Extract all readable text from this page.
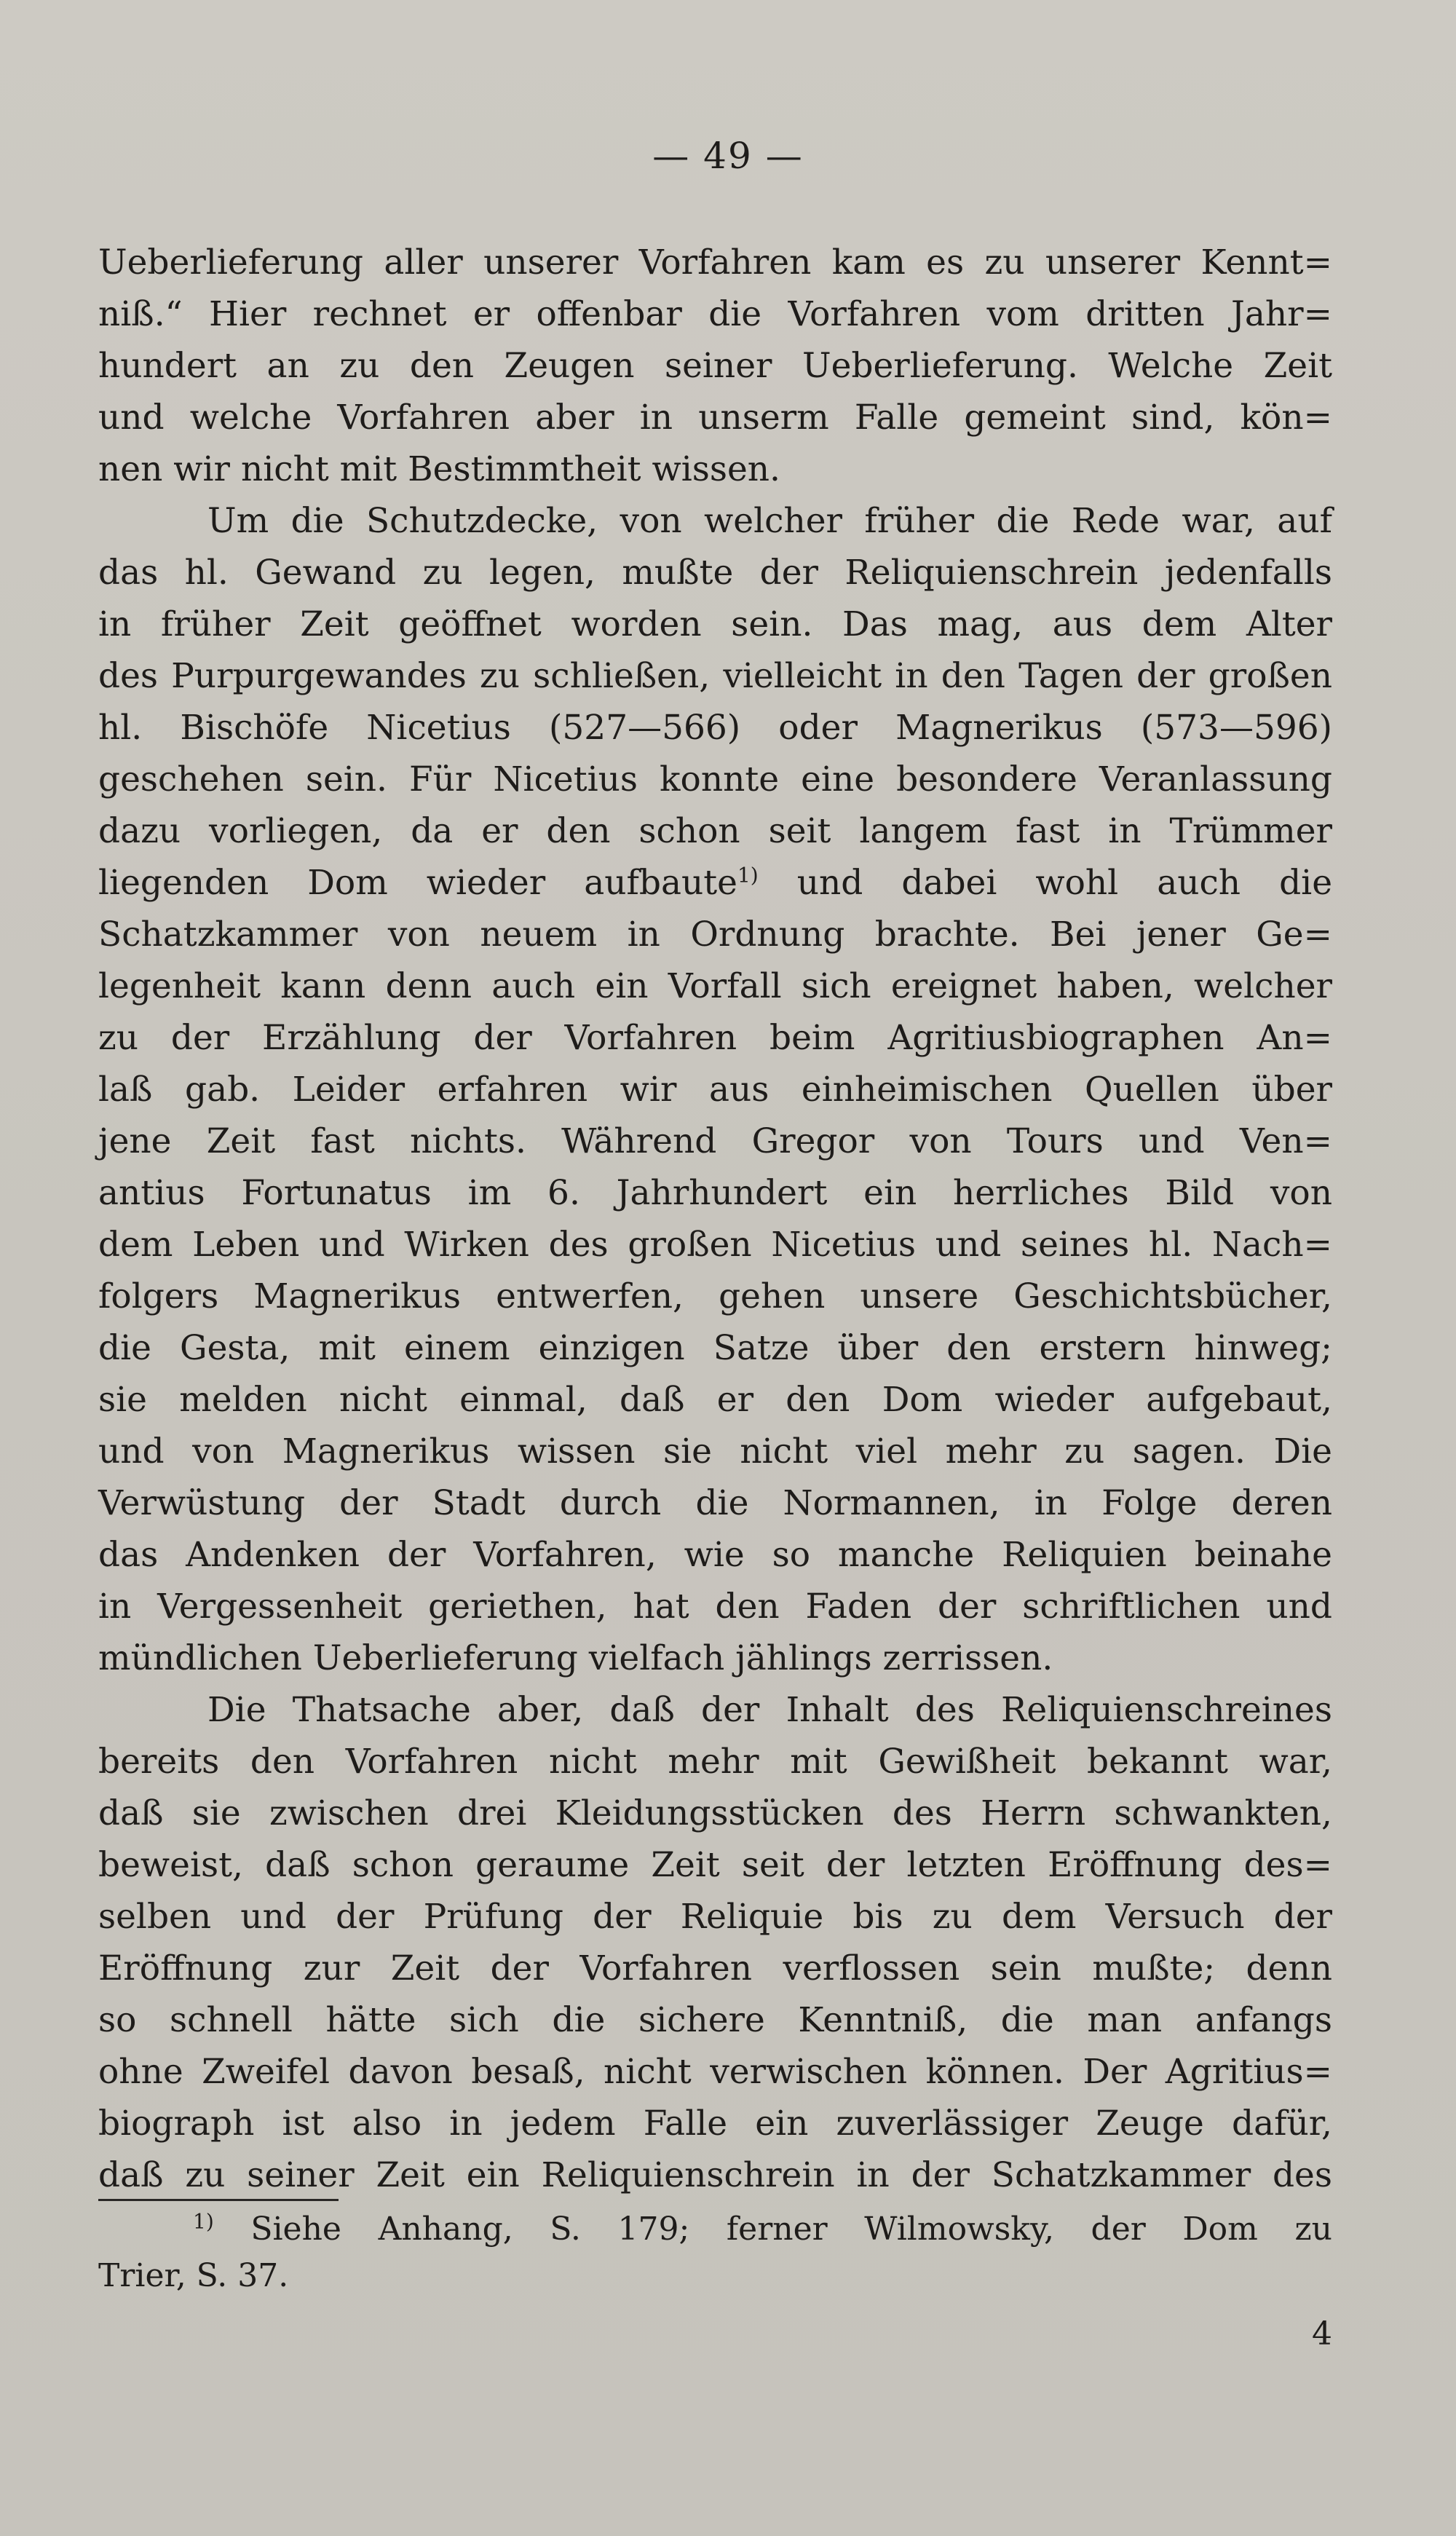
— 49 —
Ueberlieferung aller unserer Vorfahren kam es zu unserer Kennt=
niß.“ Hier rechnet er offenbar die Vorfahren vom dritten Jahr=
hundert an zu den Zeugen seiner Ueberlieferung. Welche Zeit
und welche Vorfahren aber in unserm Falle gemeint sind, kön=
nen wir nicht mit Bestimmtheit wissen.
Um die Schutzdecke, von welcher früher die Rede war, auf
das hl. Gewand zu legen, mußte der Reliquienschrein jedenfalls
in früher Zeit geöffnet worden sein. Das mag, aus dem Alter
des Purpurgewandes zu schließen, vielleicht in den Tagen der großen
hl. Bischöfe Nicetius (527—566) oder Magnerikus (573—596)
geschehen sein. Für Nicetius konnte eine besondere Veranlassung
dazu vorliegen, da er den schon seit langem fast in Trümmer
liegenden Dom wieder aufbaute$^{1)}$ und dabei wohl auch die
Schatzkammer von neuem in Ordnung brachte. Bei jener Ge=
legenheit kann denn auch ein Vorfall sich ereignet haben, welcher
zu der Erzählung der Vorfahren beim Agritiusbiographen An=
laß gab. Leider erfahren wir aus einheimischen Quellen über
jene Zeit fast nichts. Während Gregor von Tours und Ven=
antius Fortunatus im 6. Jahrhundert ein herrliches Bild von
dem Leben und Wirken des großen Nicetius und seines hl. Nach=
folgers Magnerikus entwerfen, gehen unsere Geschichtsbücher,
die Gesta, mit einem einzigen Satze über den erstern hinweg;
sie melden nicht einmal, daß er den Dom wieder aufgebaut,
und von Magnerikus wissen sie nicht viel mehr zu sagen. Die
Verwüstung der Stadt durch die Normannen, in Folge deren
das Andenken der Vorfahren, wie so manche Reliquien beinahe
in Vergessenheit geriethen, hat den Faden der schriftlichen und
mündlichen Ueberlieferung vielfach jählings zerrissen.
Die Thatsache aber, daß der Inhalt des Reliquienschreines
bereits den Vorfahren nicht mehr mit Gewißheit bekannt war,
daß sie zwischen drei Kleidungsstücken des Herrn schwankten,
beweist, daß schon geraume Zeit seit der letzten Eröffnung des=
selben und der Prüfung der Reliquie bis zu dem Versuch der
Eröffnung zur Zeit der Vorfahren verflossen sein mußte; denn
so schnell hätte sich die sichere Kenntniß, die man anfangs
ohne Zweifel davon besaß, nicht verwischen können. Der Agritius=
biograph ist also in jedem Falle ein zuverlässiger Zeuge dafür,
daß zu seiner Zeit ein Reliquienschrein in der Schatzkammer des
$^{1)}$ Siehe Anhang, S. 179; ferner Wilmowsky, der Dom zu
Trier, S. 37.
4
